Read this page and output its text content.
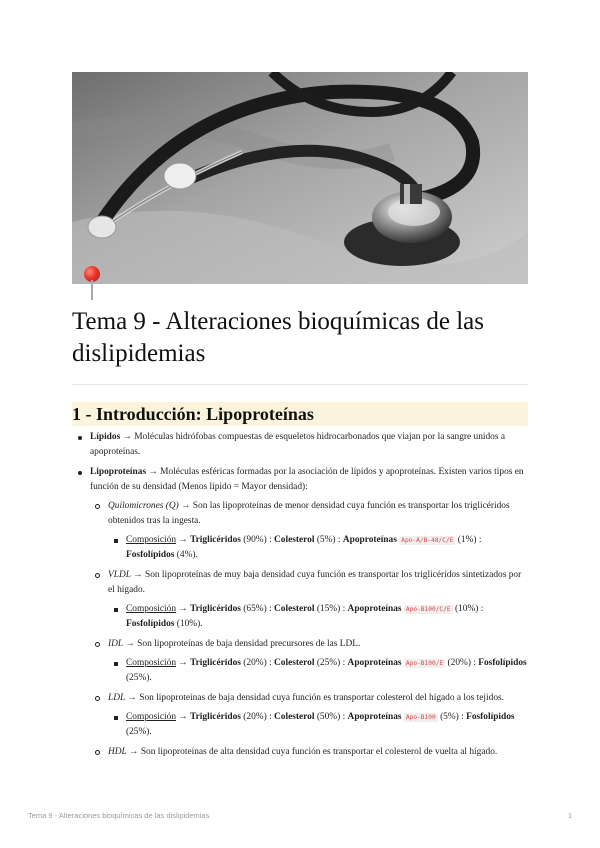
Tema 9 - Alteraciones bioquímicas de las dislipidemias
1 - Introducción: Lipoproteínas
Lípidos → Moléculas hidrófobas compuestas de esqueletos hidrocarbonados que viajan por la sangre unidos a apoproteínas.
Lipoproteínas → Moléculas esféricas formadas por la asociación de lípidos y apoproteínas. Existen varios tipos en función de su densidad (Menos lípido = Mayor densidad):
Quilomicrones (Q) → Son las lipoproteínas de menor densidad cuya función es transportar los triglicéridos obtenidos tras la ingesta.
Composición → Triglicéridos (90%) : Colesterol (5%) : Apoproteínas Apo-A/B-48/C/E (1%) : Fosfolípidos (4%).
VLDL → Son lipoproteínas de muy baja densidad cuya función es transportar los triglicéridos sintetizados por el hígado.
Composición → Triglicéridos (65%) : Colesterol (15%) : Apoproteínas Apo-B100/C/E (10%) : Fosfolípidos (10%).
IDL → Son lipoproteínas de baja densidad precursores de las LDL.
Composición → Triglicéridos (20%) : Colesterol (25%) : Apoproteínas Apo-B100/E (20%) : Fosfolípidos (25%).
LDL → Son lipoproteínas de baja densidad cuya función es transportar colesterol del hígado a los tejidos.
Composición → Triglicéridos (20%) : Colesterol (50%) : Apoproteínas Apo-B100 (5%) : Fosfolípidos (25%).
HDL → Son lipoproteínas de alta densidad cuya función es transportar el colesterol de vuelta al hígado.
Tema 9 - Alteraciones bioquímicas de las dislipidemias	1
